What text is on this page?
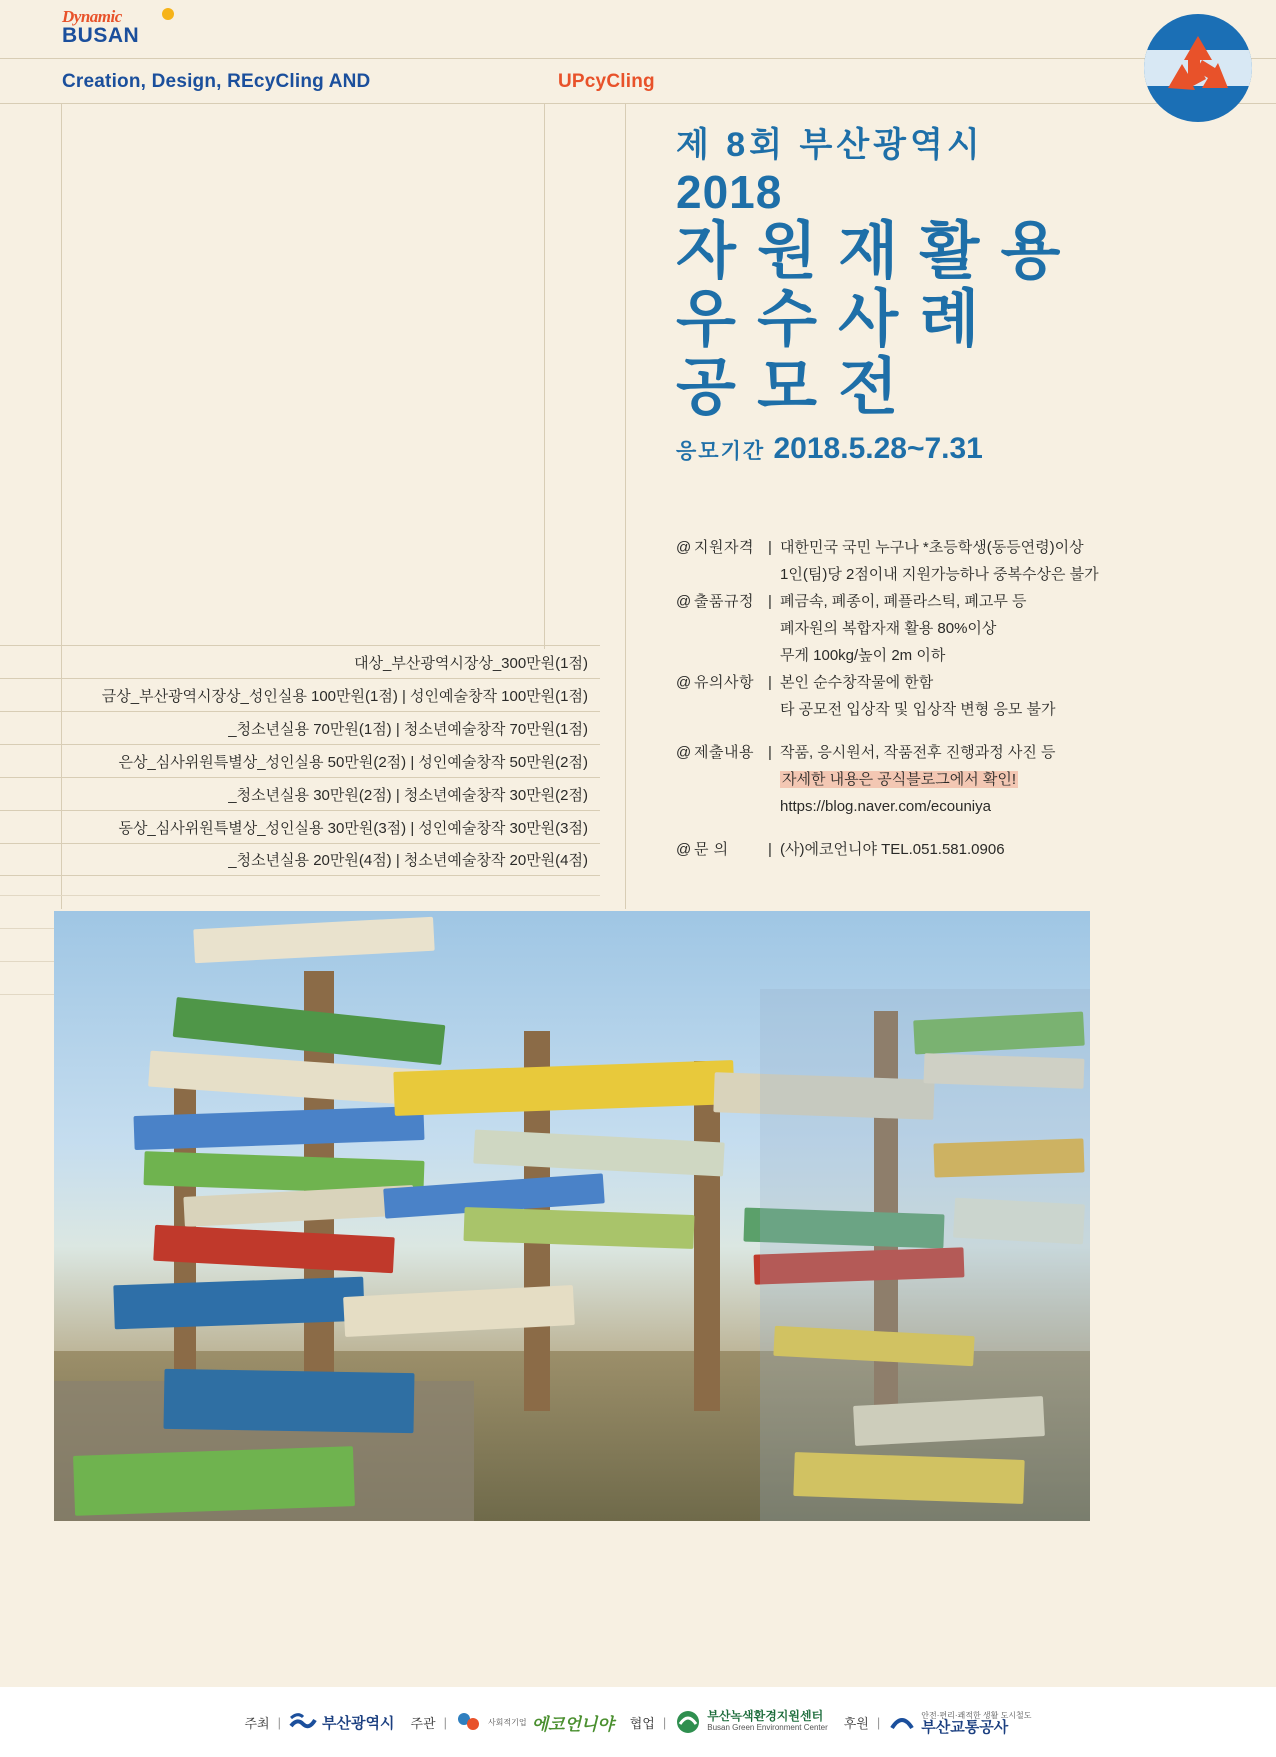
Dynamic
BUSAN
Creation, Design, REcyCling AND	UPcyCling
제 8회 부산광역시
2018
자 원 재 활 용
우 수 사 례
공 모 전
응모기간 2018.5.28~7.31
@ 지원자격 | 대한민국 국민 누구나 *초등학생(동등연령)이상
1인(팀)당 2점이내 지원가능하나 중복수상은 불가
@ 출품규정 | 폐금속, 폐종이, 폐플라스틱, 폐고무 등
폐자원의 복합자재 활용 80%이상
무게 100kg/높이 2m 이하
@ 유의사항 | 본인 순수창작물에 한함
타 공모전 입상작 및 입상작 변형 응모 불가
@ 제출내용 | 작품, 응시원서, 작품전후 진행과정 사진 등
자세한 내용은 공식블로그에서 확인!
https://blog.naver.com/ecouniya
@ 문 의	| (사)에코언니야 TEL.051.581.0906
대상_부산광역시장상_300만원(1점)
금상_부산광역시장상_성인실용 100만원(1점) | 성인예술창작 100만원(1점)
_청소년실용 70만원(1점) | 청소년예술창작 70만원(1점)
은상_심사위원특별상_성인실용 50만원(2점) | 성인예술창작 50만원(2점)
_청소년실용 30만원(2점) | 청소년예술창작 30만원(2점)
동상_심사위원특별상_성인실용 30만원(3점) | 성인예술창작 30만원(3점)
_청소년실용 20만원(4점) | 청소년예술창작 20만원(4점)
주최 |	부산광역시 주관 |	사회적기업 에코언니야 협업 |	부산녹색환경지원센터
Busan Green Environment Center 후원 |	안전·편리·쾌적한 생활 도시철도
부산교통공사
